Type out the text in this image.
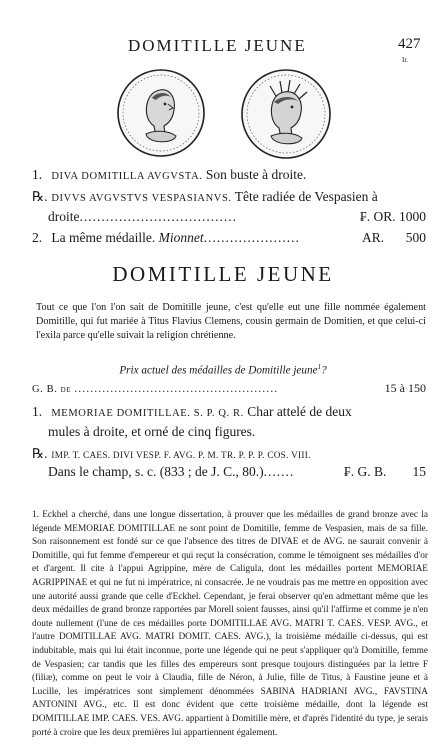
DOMITILLE JEUNE	427
Ir.
1. DIVA DOMITILLA AVGVSTA. Son buste à droite.
℞. DIVVS AVGVSTVS VESPASIANVS. Tête radiée de Vespasien à
droite....................................	₣. OR. 1000
2. La même médaille. Mionnet......................	AR. 500
DOMITILLE JEUNE
Tout ce que l'on l'on sait de Domitille jeune, c'est qu'elle eut une fille nommée également Domitille, qui fut mariée à Titus Flavius Clemens, cousin germain de Domitien, et que celui-ci l'exila parce qu'elle suivait la religion chrétienne.
Prix actuel des médailles de Domitille jeune$^1$?
G. B. de ...................................................	15 à 150
1. MEMORIAE DOMITILLAE. S. P. Q. R. Char attelé de deux
mules à droite, et orné de cinq figures.
℞. IMP. T. CAES. DIVI VESP. F. AVG. P. M. TR. P. P. P. COS. VIII.
Dans le champ, s. c. (833 ; de J. C., 80.).......	₣. G. B. 15
1. Eckhel a cherché, dans une longue dissertation, à prouver que les médailles de grand bronze avec la légende MEMORIAE DOMITILLAE ne sont point de Domitille, femme de Vespasien, mais de sa fille. Son raisonnement est fondé sur ce que l'absence des titres de DIVAE et de AVG. ne saurait convenir à Domitille, qui fut femme d'empereur et qui reçut la consécration, comme le témoignent ses médailles d'or et d'argent. Il cite à l'appui Agrippine, mère de Caligula, dont les médailles portent MEMORIAE AGRIPPINAE et qui ne fut ni impératrice, ni consacrée. Je ne voudrais pas me mettre en opposition avec une autorité aussi grande que celle d'Eckhel. Cependant, je ferai observer qu'en admettant même que les deux médailles de grand bronze rapportées par Morell soient fausses, ainsi qu'il l'affirme et comme je n'en doute nullement (l'une de ces médailles porte DOMITILLAE AVG. MATRI T. CAES. VESP. AVG., et l'autre DOMITILLAE AVG. MATRI DOMIT. CAES. AVG.), la troisième médaille ci-dessus, qui est indubitable, mais qui lui était inconnue, porte une légende qui ne peut s'appliquer qu'à Domitille, femme de Vespasien; car tandis que les filles des empereurs sont presque toujours distinguées par la lettre F (filiæ), comme on peut le voir à Claudia, fille de Néron, à Julie, fille de Titus, à Faustine jeune et à Lucille, les impératrices sont simplement dénommées SABINA HADRIANI AVG., FAVSTINA ANTONINI AVG., etc. Il est donc évident que cette troisième médaille, dont la légende est DOMITILLAE IMP. CAES. VES. AVG. appartient à Domitille mère, et d'après l'identité du type, je serais porté à croire que les deux premières lui appartiennent également.
